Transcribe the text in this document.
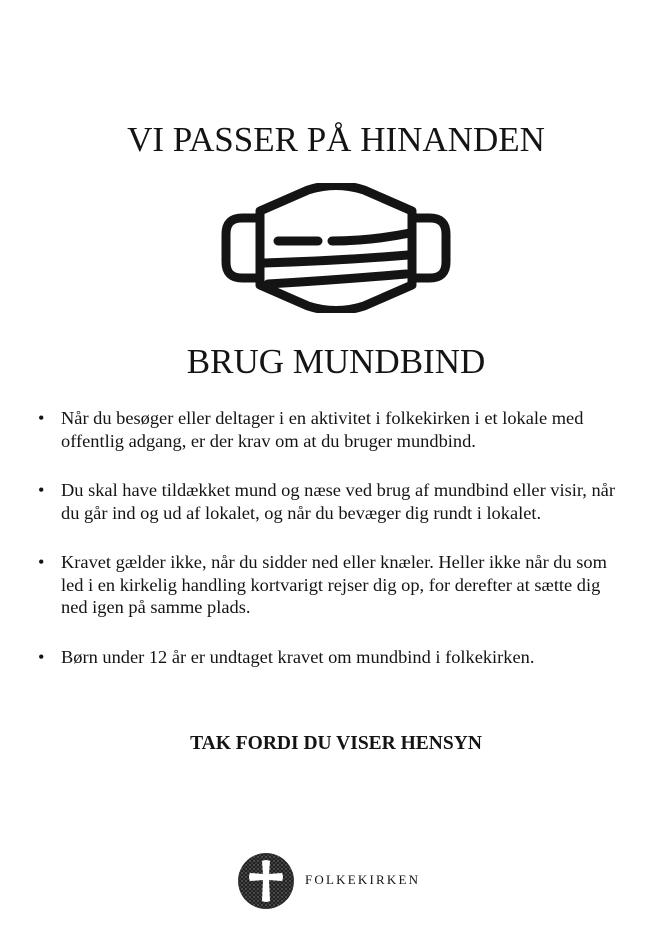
VI PASSER PÅ HINANDEN
BRUG MUNDBIND
• Når du besøger eller deltager i en aktivitet i folkekirken i et lokale med offentlig adgang, er der krav om at du bruger mundbind.
• Du skal have tildækket mund og næse ved brug af mundbind eller visir, når du går ind og ud af lokalet, og når du bevæger dig rundt i lokalet.
• Kravet gælder ikke, når du sidder ned eller knæler. Heller ikke når du som led i en kirkelig handling kortvarigt rejser dig op, for derefter at sætte dig ned igen på samme plads.
• Børn under 12 år er undtaget kravet om mundbind i folkekirken.

TAK FORDI DU VISER HENSYN

FOLKEKIRKEN
